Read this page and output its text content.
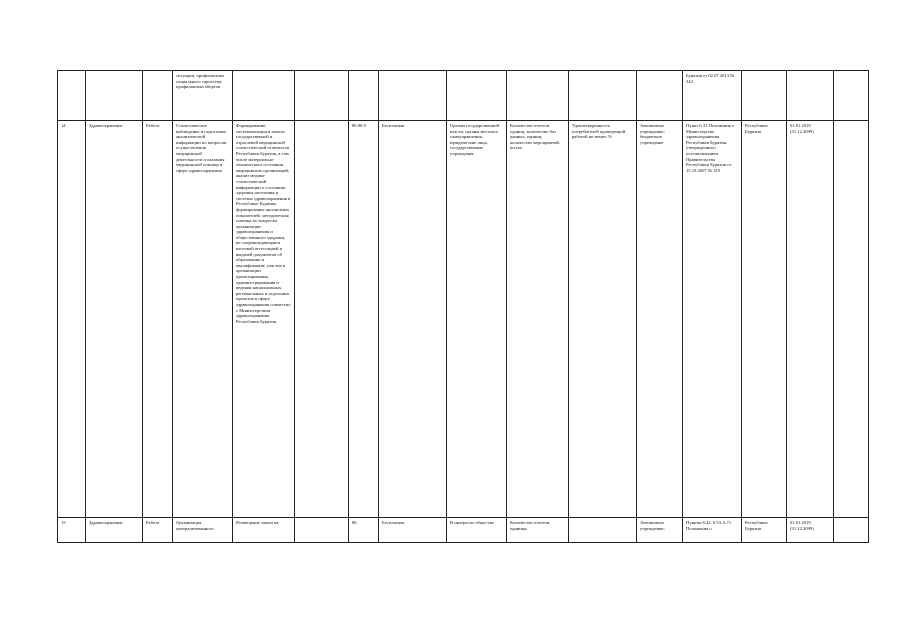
			ситуации, профилактика социального сиротства; профилактика абортов									Бурятия от 02.07.2013 № 342			
14	Здравоохранение	Работа	Статистическое наблюдение и подготовка аналитической информации по вопросам осуществления медицинской деятельности и оказания медицинской помощи в сфере здравоохранения	Формирование, систематизация и анализ государственной и отраслевой медицинской статистической отчетности Республики Бурятия, в том числе материально-технического состояния медицинских организаций; анализ медико-статистической информации о состоянии здоровья населения и системы здравоохранения в Республике Бурятия, формирование прогнозных показателей; методическая помощь по вопросам организации здравоохранения и общественного здоровья, не сопровождающаяся итоговой аттестацией и выдачей документов об образовании и квалификации; участие в организации проектирования, администрирования и ведения национальных, региональных и отдельных проектов в сфере здравоохранения совместно с Министерством здравоохранения Республики Бурятия		86.90.9	Бесплатная	Органы государственной власти, органы местного самоуправления, юридические лица, государственные учреждения	Количество отчетов, единиц; количество баз данных, единиц; количество мероприятий, штука	Удовлетворенность потребителей проведенной работой не менее, %	Автономное учреждение; бюджетное учреждение	Пункт 6.31 Положения о Министерстве здравоохранения Республики Бурятия, утвержденного постановлением Правительства Республики Бурятия от 15.10.2007 № 319	Республика Бурятия	01.01.2019 (31.12.2099)	
15	Здравоохранение	Работа	Организация централизованного	Размещение заказа на		86	Бесплатная	В интересах общества	Количество отчетов, единица;		Автономное учреждение;	Пункты 6.42, 6.53, 6.71 Положения о	Республика Бурятия	01.01.2019 (31.12.2099)	
